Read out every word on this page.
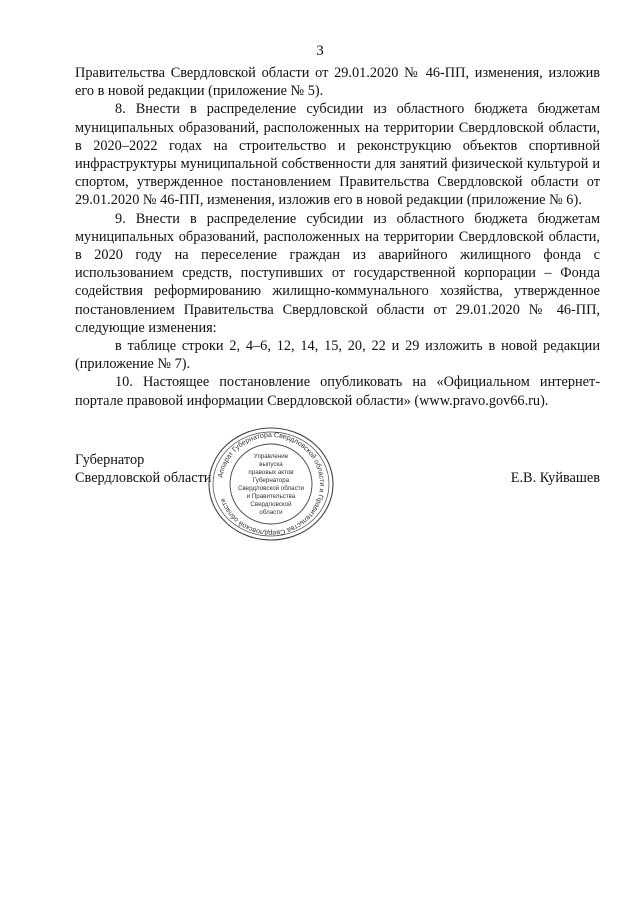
3

Правительства Свердловской области от 29.01.2020 № 46-ПП, изменения, изложив его в новой редакции (приложение № 5).

8. Внести в распределение субсидии из областного бюджета бюджетам муниципальных образований, расположенных на территории Свердловской области, в 2020–2022 годах на строительство и реконструкцию объектов спортивной инфраструктуры муниципальной собственности для занятий физической культурой и спортом, утвержденное постановлением Правительства Свердловской области от 29.01.2020 № 46-ПП, изменения, изложив его в новой редакции (приложение № 6).

9. Внести в распределение субсидии из областного бюджета бюджетам муниципальных образований, расположенных на территории Свердловской области, в 2020 году на переселение граждан из аварийного жилищного фонда с использованием средств, поступивших от государственной корпорации – Фонда содействия реформированию жилищно-коммунального хозяйства, утвержденное постановлением Правительства Свердловской области от 29.01.2020 № 46-ПП, следующие изменения:

в таблице строки 2, 4–6, 12, 14, 15, 20, 22 и 29 изложить в новой редакции (приложение № 7).

10. Настоящее постановление опубликовать на «Официальном интернет-портале правовой информации Свердловской области» (www.pravo.gov66.ru).

Губернатор
Свердловской области	Е.В. Куйвашев
Аппарат Губернатора Свердловской области и Правительства Свердловской области
Управление
выпуска
правовых актов
Губернатора
Свердловской области
и Правительства
Свердловской
области
